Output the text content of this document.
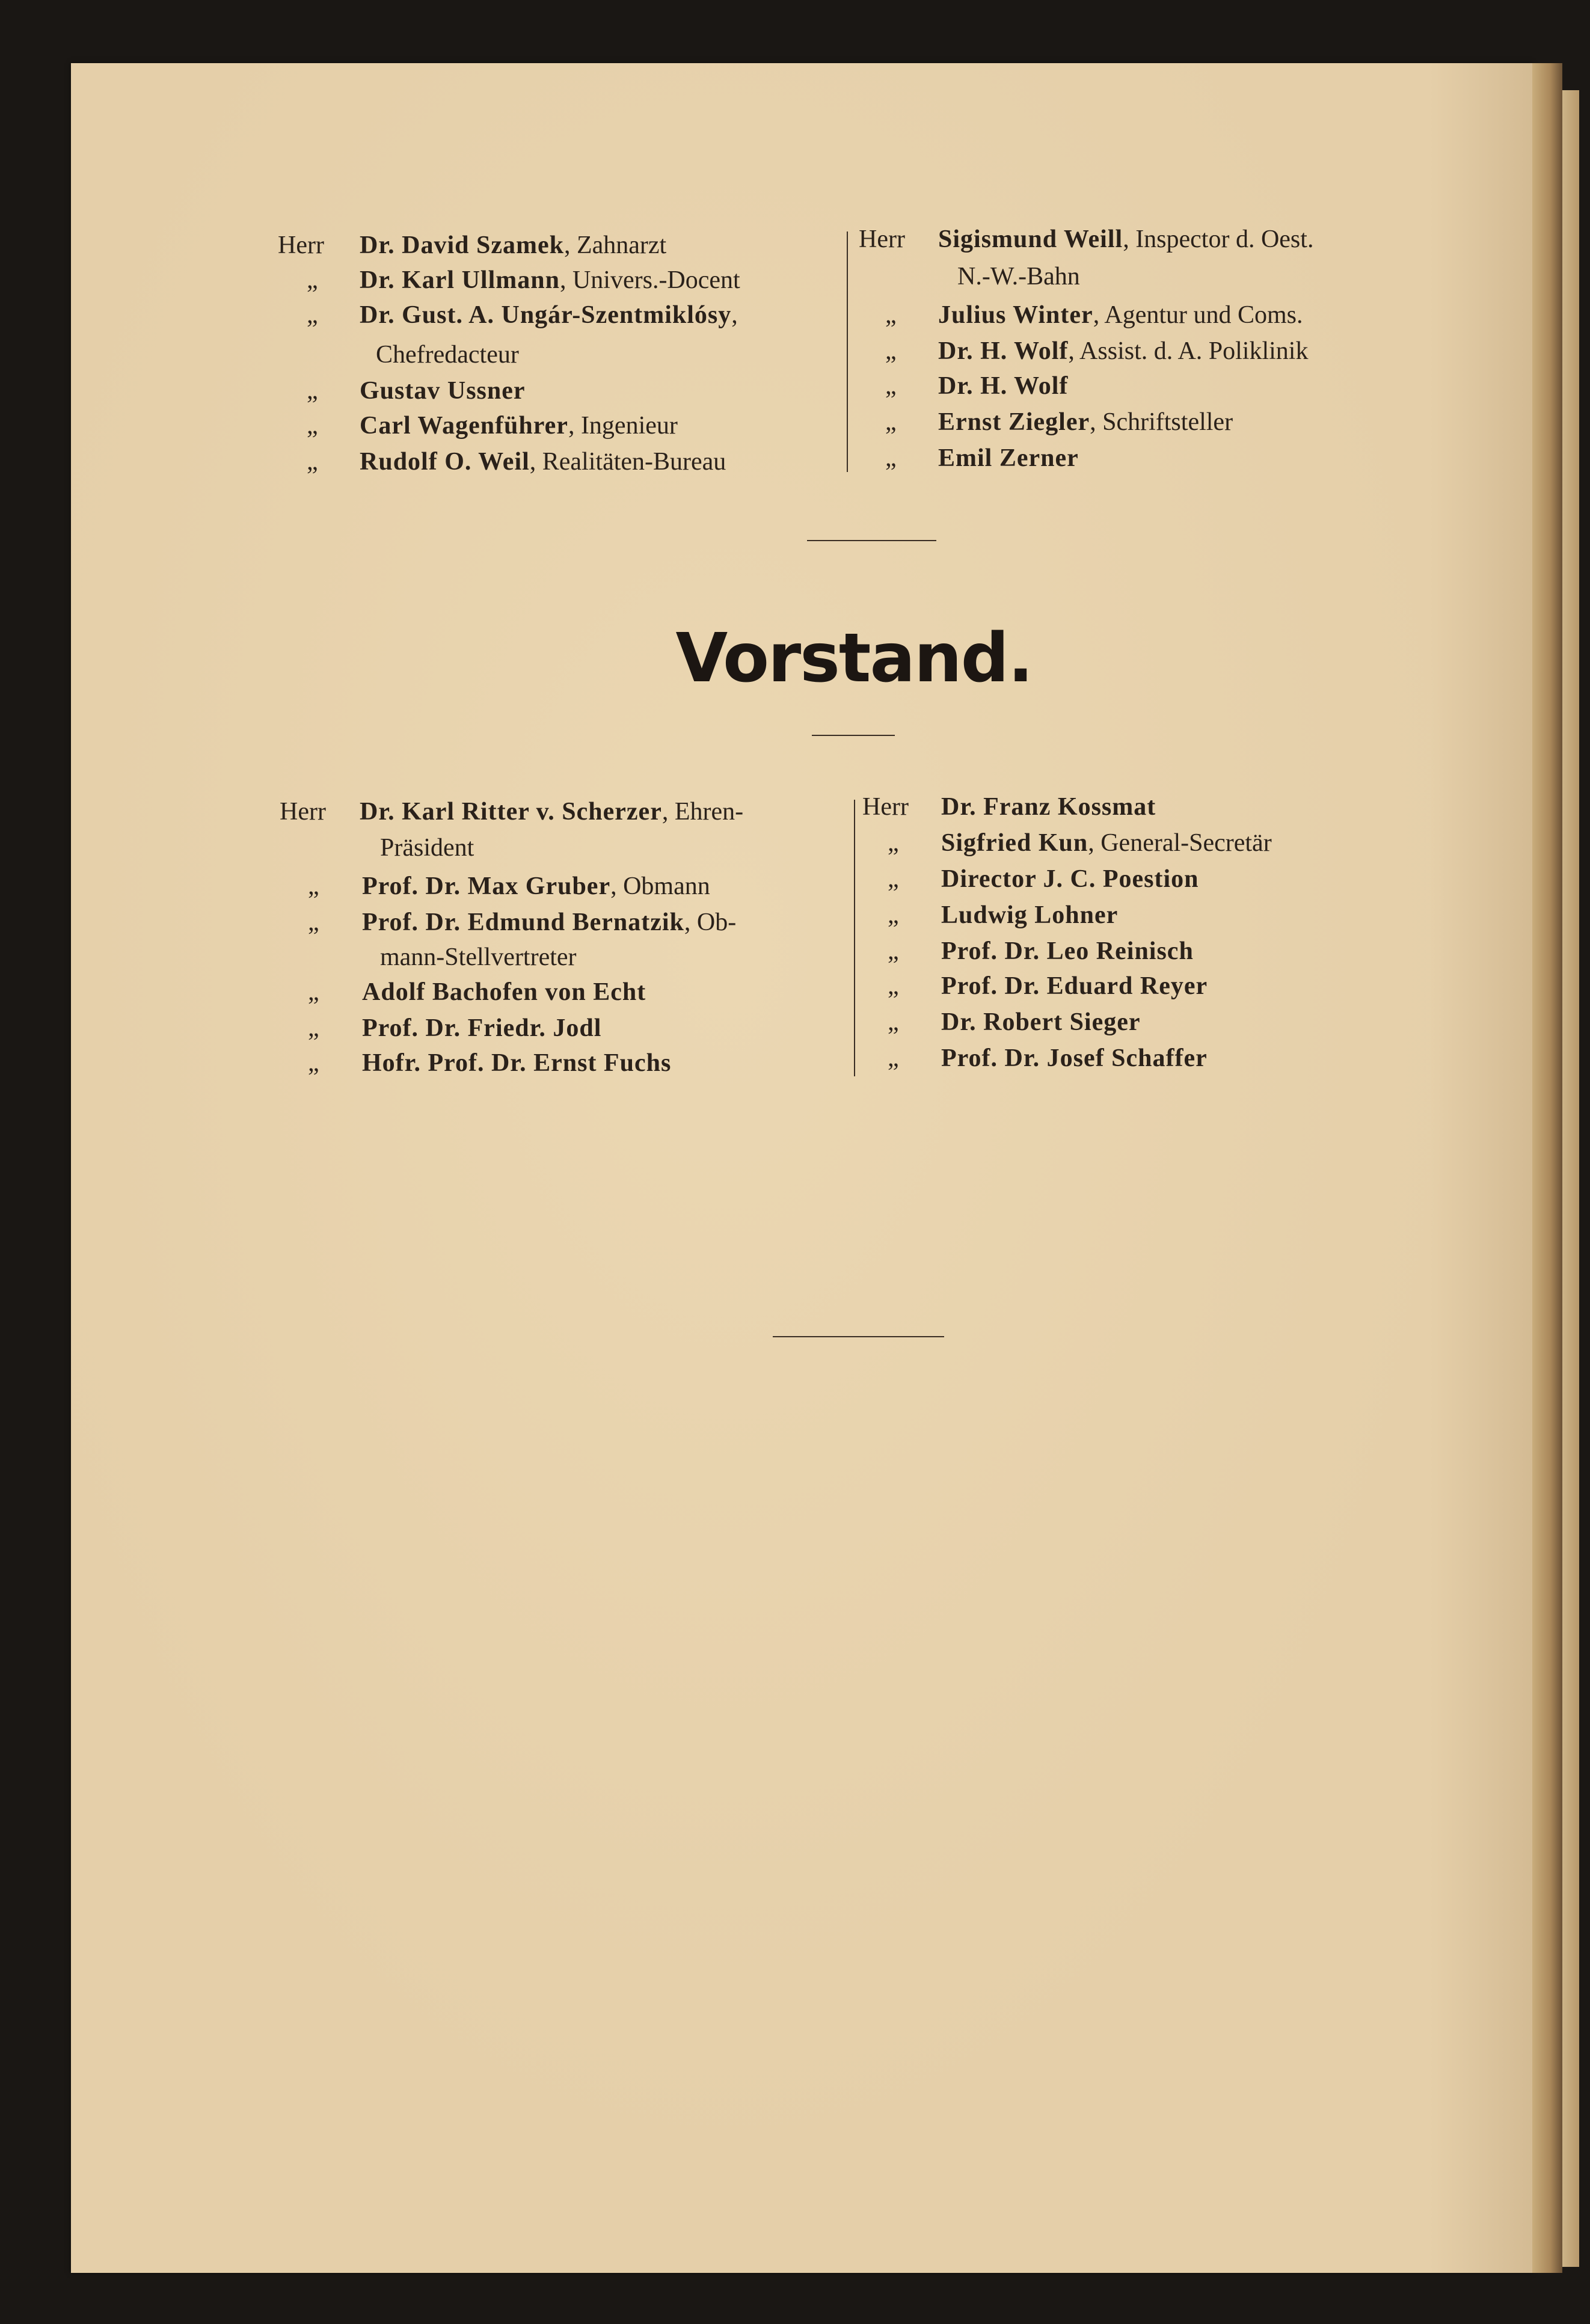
Herr Dr. David Szamek, Zahnarzt
„ Dr. Karl Ullmann, Univers.-Docent
„ Dr. Gust. A. Ungár-Szentmiklósy,
Chefredacteur
„ Gustav Ussner
„ Carl Wagenführer, Ingenieur
„ Rudolf O. Weil, Realitäten-Bureau
Herr Sigismund Weill, Inspector d. Oest.
N.-W.-Bahn
„ Julius Winter, Agentur und Coms.
„ Dr. H. Wolf, Assist. d. A. Poliklinik
„ Dr. H. Wolf
„ Ernst Ziegler, Schriftsteller
„ Emil Zerner
Vorstand.
Herr Dr. Karl Ritter v. Scherzer, Ehren-
Präsident
„ Prof. Dr. Max Gruber, Obmann
„ Prof. Dr. Edmund Bernatzik, Ob-
mann-Stellvertreter
„ Adolf Bachofen von Echt
„ Prof. Dr. Friedr. Jodl
„ Hofr. Prof. Dr. Ernst Fuchs
Herr Dr. Franz Kossmat
„ Sigfried Kun, General-Secretär
„ Director J. C. Poestion
„ Ludwig Lohner
„ Prof. Dr. Leo Reinisch
„ Prof. Dr. Eduard Reyer
„ Dr. Robert Sieger
„ Prof. Dr. Josef Schaffer
